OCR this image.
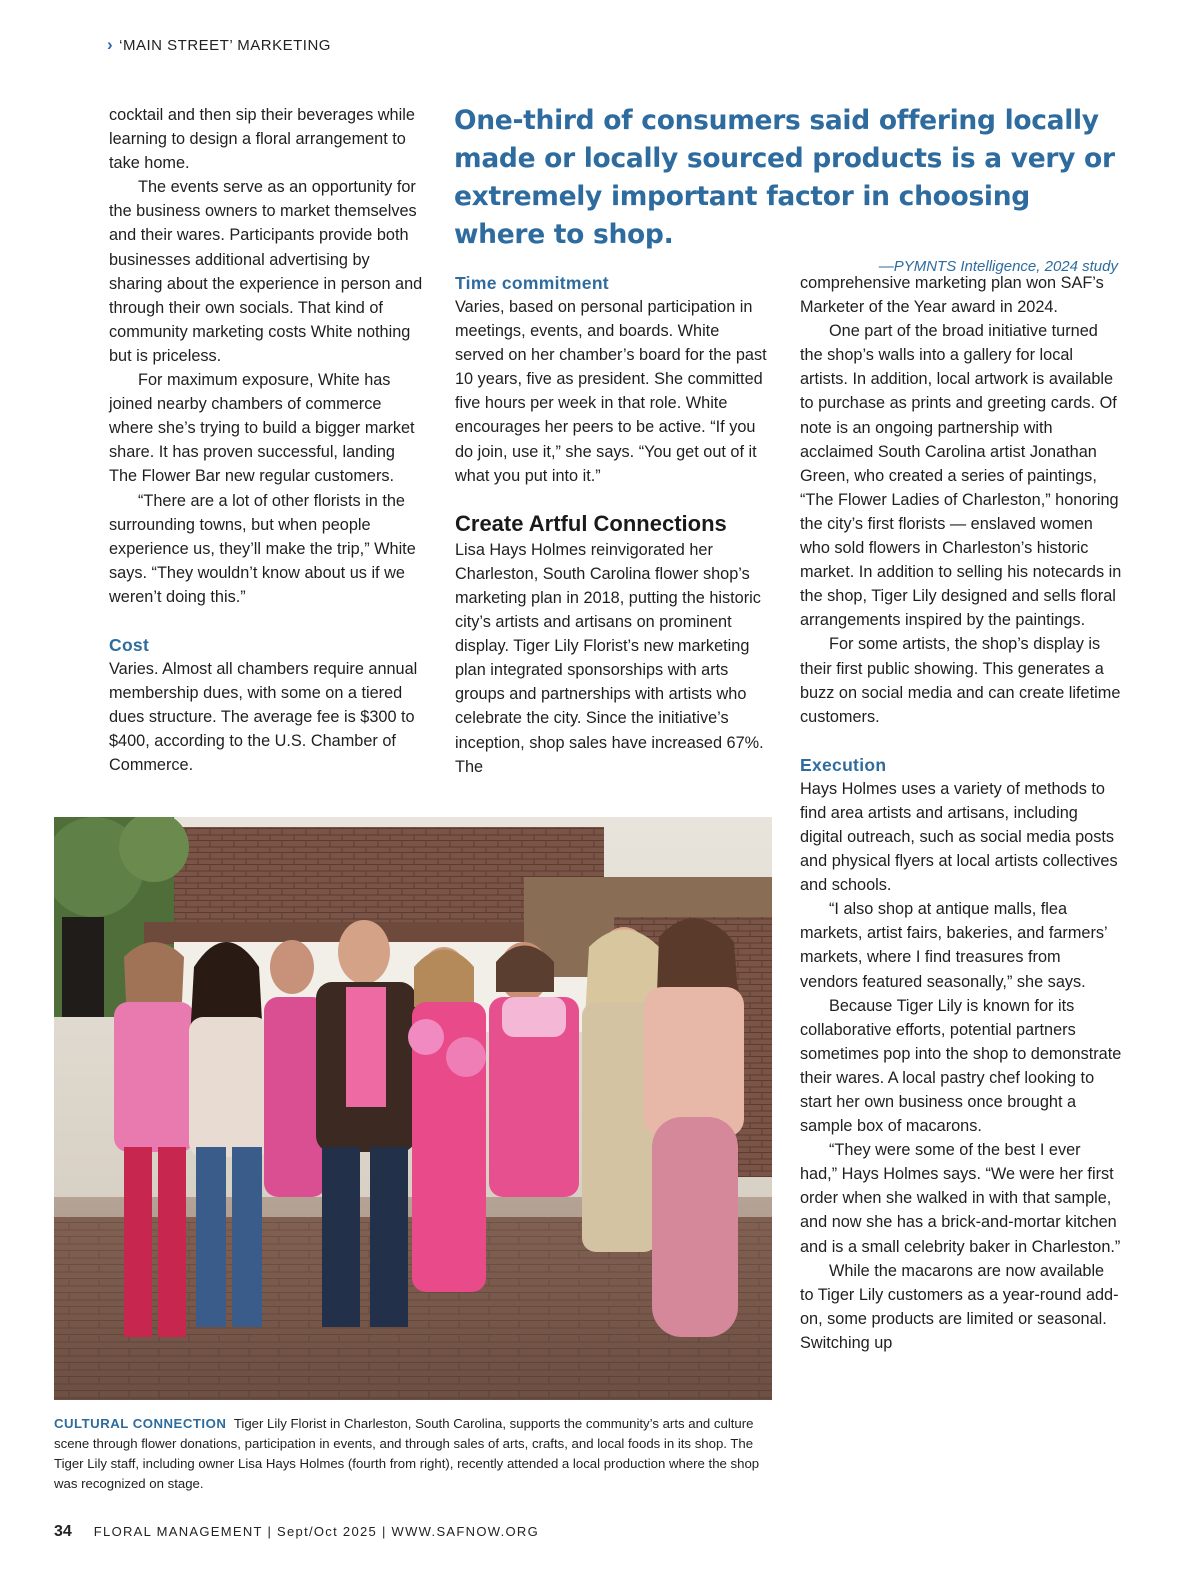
› ‘MAIN STREET’ MARKETING

One-third of consumers said offering locally made or locally sourced products is a very or extremely important factor in choosing where to shop.

—PYMNTS Intelligence, 2024 study

cocktail and then sip their beverages while learning to design a floral arrangement to take home.

The events serve as an opportunity for the business owners to market themselves and their wares. Participants provide both businesses additional advertising by sharing about the experience in person and through their own socials. That kind of community marketing costs White nothing but is priceless.

For maximum exposure, White has joined nearby chambers of commerce where she’s trying to build a bigger market share. It has proven successful, landing The Flower Bar new regular customers.

“There are a lot of other florists in the surrounding towns, but when people experience us, they’ll make the trip,” White says. “They wouldn’t know about us if we weren’t doing this.”

Cost

Varies. Almost all chambers require annual membership dues, with some on a tiered dues structure. The average fee is $300 to $400, according to the U.S. Chamber of Commerce.

Time commitment

Varies, based on personal participation in meetings, events, and boards. White served on her chamber’s board for the past 10 years, five as president. She committed five hours per week in that role. White encourages her peers to be active. “If you do join, use it,” she says. “You get out of it what you put into it.”

Create Artful Connections

Lisa Hays Holmes reinvigorated her Charleston, South Carolina flower shop’s marketing plan in 2018, putting the historic city’s artists and artisans on prominent display. Tiger Lily Florist’s new marketing plan integrated sponsorships with arts groups and partnerships with artists who celebrate the city. Since the initiative’s inception, shop sales have increased 67%. The

comprehensive marketing plan won SAF’s Marketer of the Year award in 2024.

One part of the broad initiative turned the shop’s walls into a gallery for local artists. In addition, local artwork is available to purchase as prints and greeting cards. Of note is an ongoing partnership with acclaimed South Carolina artist Jonathan Green, who created a series of paintings, “The Flower Ladies of Charleston,” honoring the city’s first florists — enslaved women who sold flowers in Charleston’s historic market. In addition to selling his notecards in the shop, Tiger Lily designed and sells floral arrangements inspired by the paintings.

For some artists, the shop’s display is their first public showing. This generates a buzz on social media and can create lifetime customers.

Execution

Hays Holmes uses a variety of methods to find area artists and artisans, including digital outreach, such as social media posts and physical flyers at local artists collectives and schools.

“I also shop at antique malls, flea markets, artist fairs, bakeries, and farmers’ markets, where I find treasures from vendors featured seasonally,” she says.

Because Tiger Lily is known for its collaborative efforts, potential partners sometimes pop into the shop to demonstrate their wares. A local pastry chef looking to start her own business once brought a sample box of macarons.

“They were some of the best I ever had,” Hays Holmes says. “We were her first order when she walked in with that sample, and now she has a brick-and-mortar kitchen and is a small celebrity baker in Charleston.”

While the macarons are now available to Tiger Lily customers as a year-round add-on, some products are limited or seasonal. Switching up

CULTURAL CONNECTION Tiger Lily Florist in Charleston, South Carolina, supports the community’s arts and culture scene through flower donations, participation in events, and through sales of arts, crafts, and local foods in its shop. The Tiger Lily staff, including owner Lisa Hays Holmes (fourth from right), recently attended a local production where the shop was recognized on stage.
34 FLORAL MANAGEMENT | Sept/Oct 2025 | WWW.SAFNOW.ORG
